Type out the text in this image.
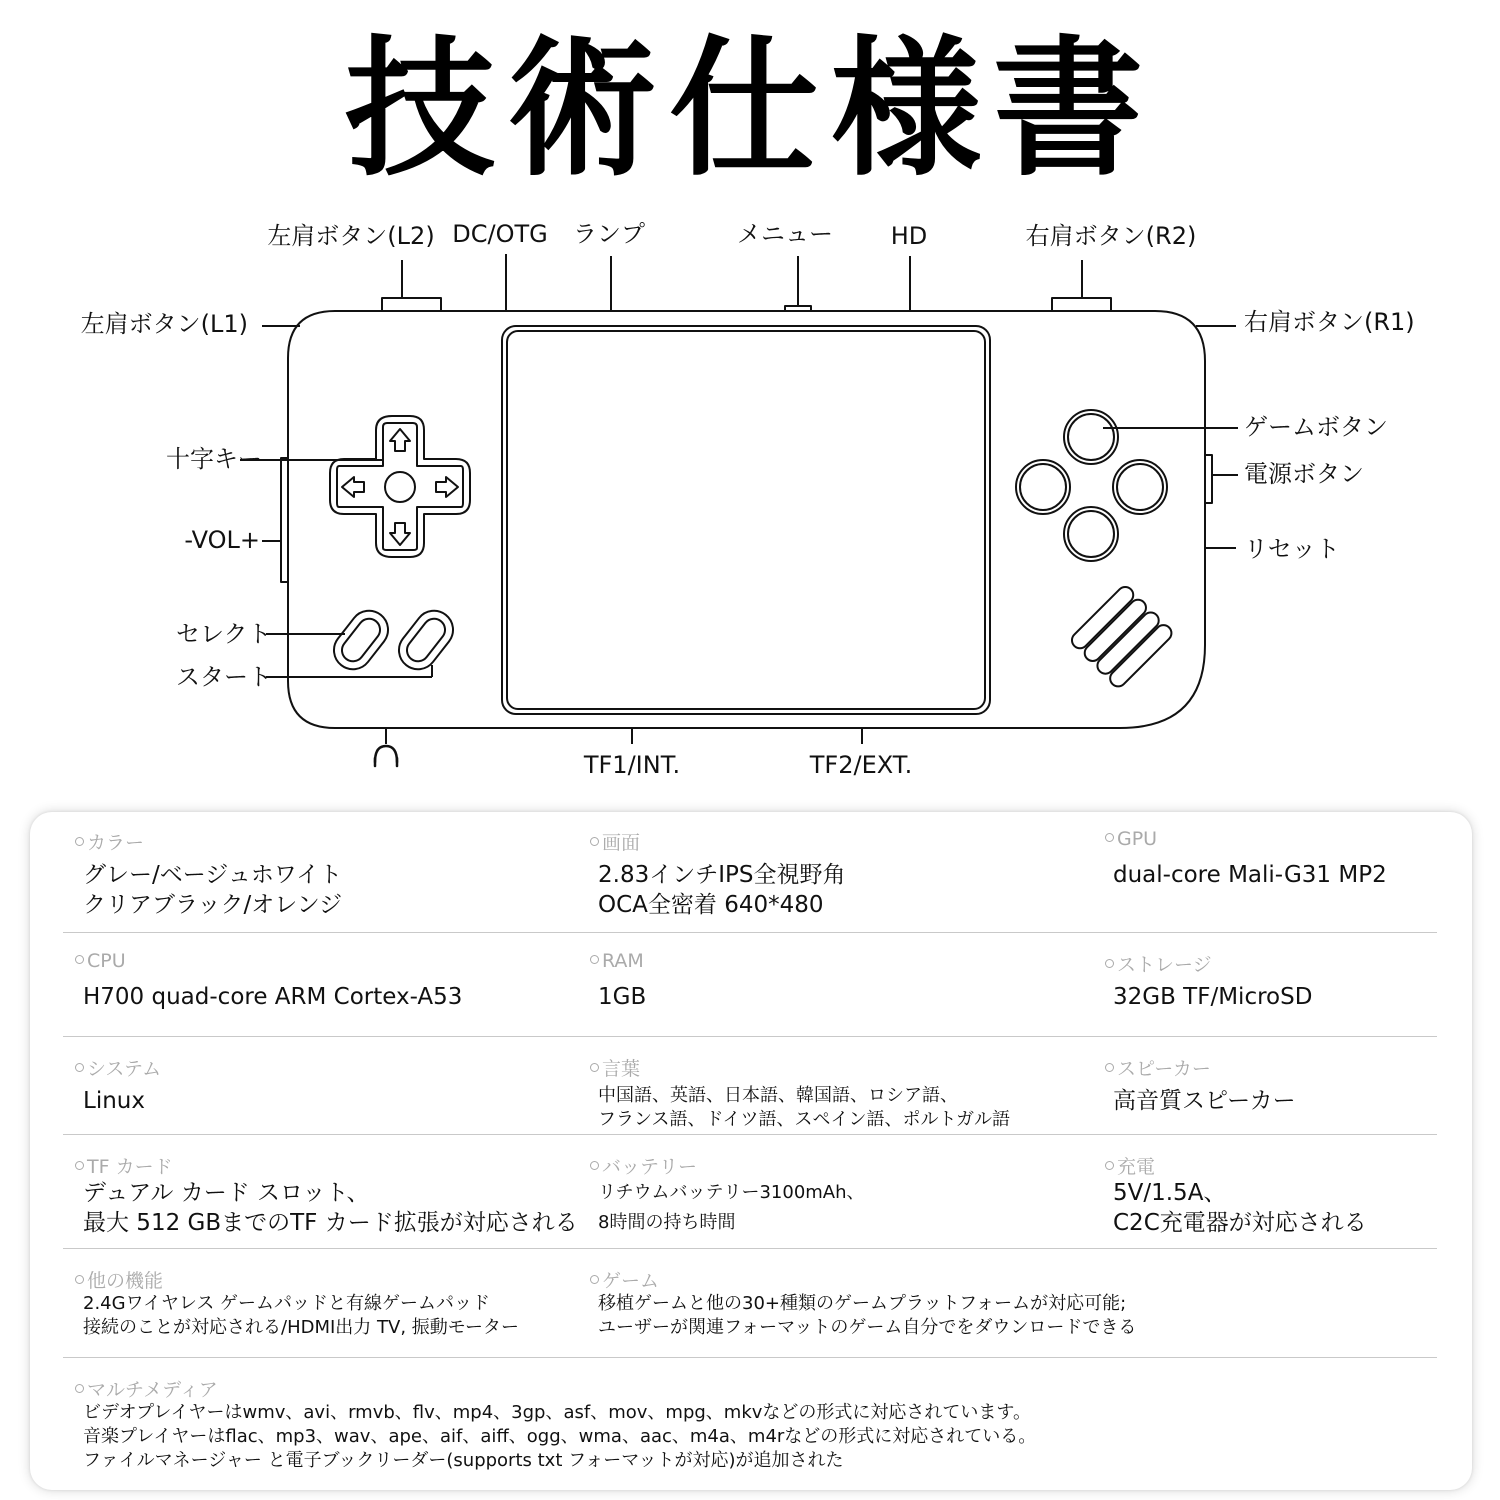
技術仕様書
左肩ボタン(L2) DC/OTG ランプ	メニュー HD	右肩ボタン(R2)
左肩ボタン(L1)	右肩ボタン(R1)
十字キー
-VOL+
セレクト
スタート
ゲームボタン
電源ボタン
リセット
TF1/INT.	TF2/EXT.
カラー
グレー/ベージュホワイト
クリアブラック/オレンジ
画面
2.83インチIPS全視野角
OCA全密着 640*480
GPU
dual-core Mali-G31 MP2
CPU
H700 quad-core ARM Cortex-A53
RAM
1GB
ストレージ
32GB TF/MicroSD
システム
Linux
言葉
中国語、英語、日本語、韓国語、ロシア語、
フランス語、ドイツ語、スペイン語、ポルトガル語
スピーカー
高音質スピーカー
TF カード
デュアル カード スロット、
最大 512 GBまでのTF カード拡張が対応される
バッテリー
リチウムバッテリー3100mAh、
8時間の持ち時間
充電
5V/1.5A、
C2C充電器が対応される
他の機能
2.4Gワイヤレス ゲームパッドと有線ゲームパッド
接続のことが対応される/HDMI出力 TV, 振動モーター
ゲーム
移植ゲームと他の30+種類のゲームプラットフォームが対応可能;
ユーザーが関連フォーマットのゲーム自分でをダウンロードできる
マルチメディア
ビデオプレイヤーはwmv、avi、rmvb、flv、mp4、3gp、asf、mov、mpg、mkvなどの形式に対応されています。
音楽プレイヤーはflac、mp3、wav、ape、aif、aiff、ogg、wma、aac、m4a、m4rなどの形式に対応されている。
ファイルマネージャー と電子ブックリーダー(supports txt フォーマットが対応)が追加された
